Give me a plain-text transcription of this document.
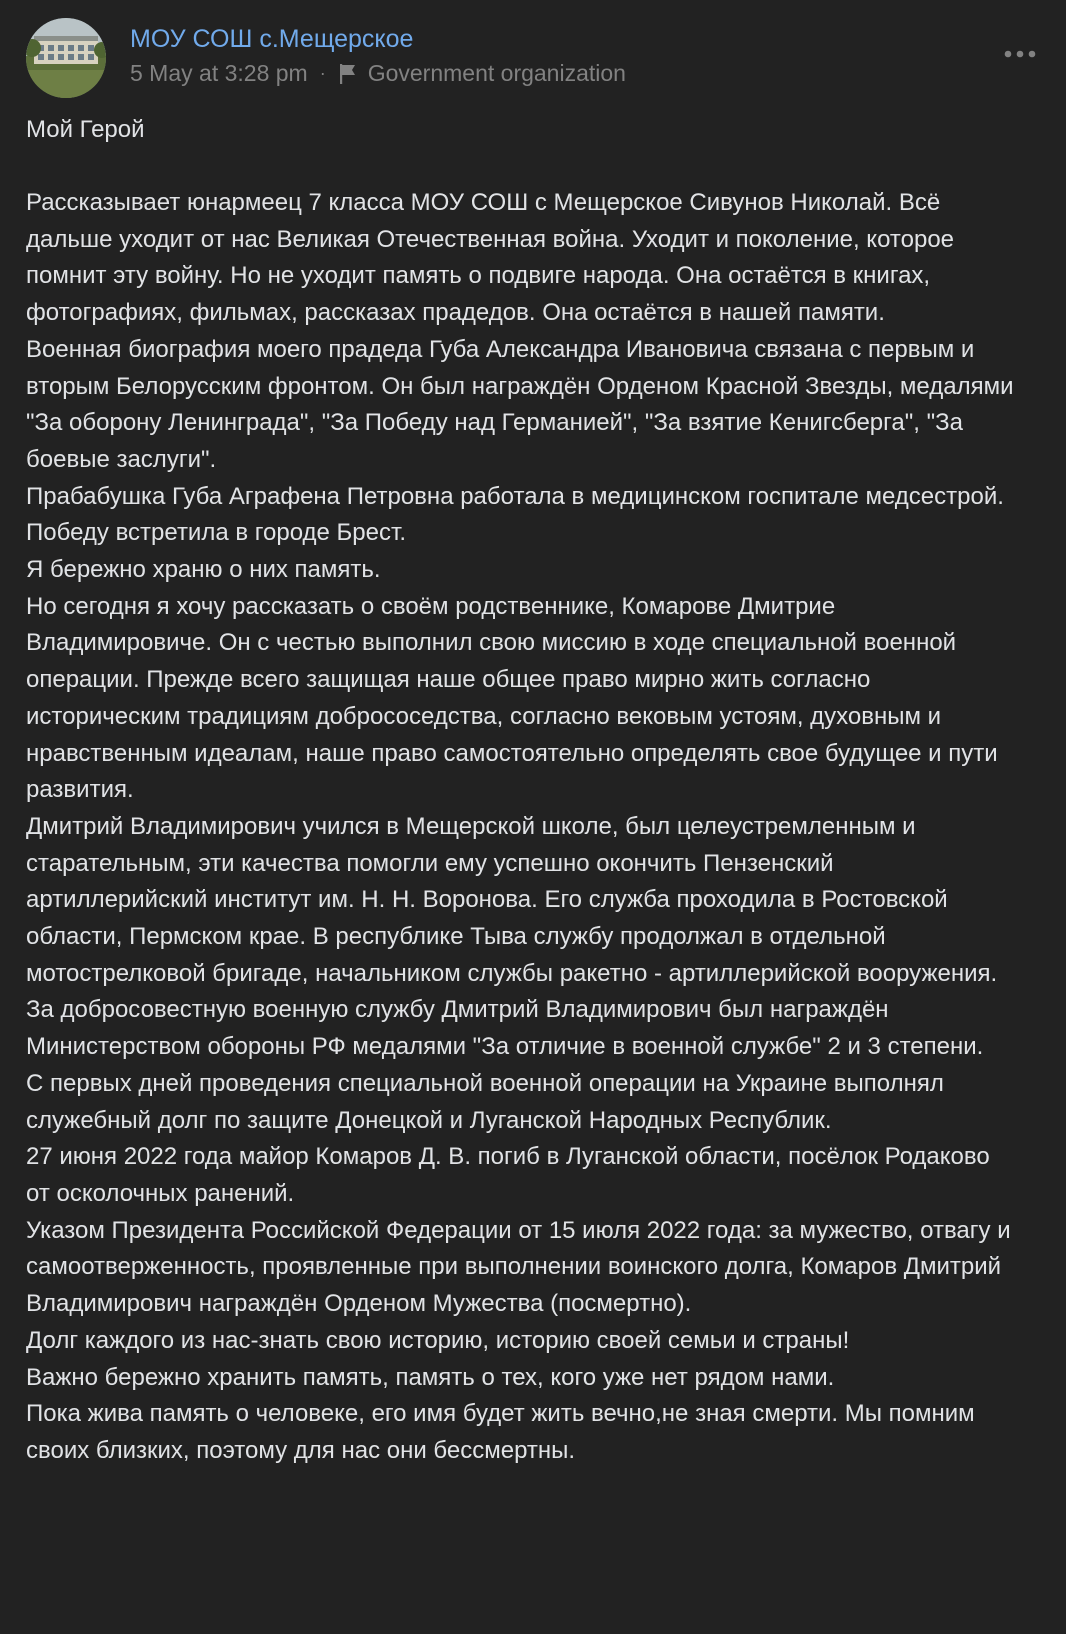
МОУ СОШ с.Мещерское
5 May at 3:28 pm · Government organization
Мой Герой

Рассказывает юнармеец 7 класса МОУ СОШ с Мещерское Сивунов Николай. Всё дальше уходит от нас Великая Отечественная война. Уходит и поколение, которое помнит эту войну. Но не уходит память о подвиге народа. Она остаётся в книгах, фотографиях, фильмах, рассказах прадедов. Она остаётся в нашей памяти.

Военная биография моего прадеда Губа Александра Ивановича связана с первым и вторым Белорусским фронтом. Он был награждён Орденом Красной Звезды, медалями "За оборону Ленинграда", "За Победу над Германией", "За взятие Кенигсберга", "За боевые заслуги".

Прабабушка Губа Аграфена Петровна работала в медицинском госпитале медсестрой. Победу встретила в городе Брест.

Я бережно храню о них память.

Но сегодня я хочу рассказать о своём родственнике, Комарове Дмитрие Владимировиче. Он с честью выполнил свою миссию в ходе специальной военной операции. Прежде всего защищая наше общее право мирно жить согласно историческим традициям добрососедства, согласно вековым устоям, духовным и нравственным идеалам, наше право самостоятельно определять свое будущее и пути развития.

Дмитрий Владимирович учился в Мещерской школе, был целеустремленным и старательным, эти качества помогли ему успешно окончить Пензенский артиллерийский институт им. Н. Н. Воронова. Его служба проходила в Ростовской области, Пермском крае. В республике Тыва службу продолжал в отдельной мотострелковой бригаде, начальником службы ракетно - артиллерийской вооружения. За добросовестную военную службу Дмитрий Владимирович был награждён Министерством обороны РФ медалями "За отличие в военной службе" 2 и 3 степени.

С первых дней проведения специальной военной операции на Украине выполнял служебный долг по защите Донецкой и Луганской Народных Республик.

27 июня 2022 года майор Комаров Д. В. погиб в Луганской области, посёлок Родаково от осколочных ранений.

Указом Президента Российской Федерации от 15 июля 2022 года: за мужество, отвагу и самоотверженность, проявленные при выполнении воинского долга, Комаров Дмитрий Владимирович награждён Орденом Мужества (посмертно).

Долг каждого из нас-знать свою историю, историю своей семьи и страны!

Важно бережно хранить память, память о тех, кого уже нет рядом нами.

Пока жива память о человеке, его имя будет жить вечно,не зная смерти. Мы помним своих близких, поэтому для нас они бессмертны.
